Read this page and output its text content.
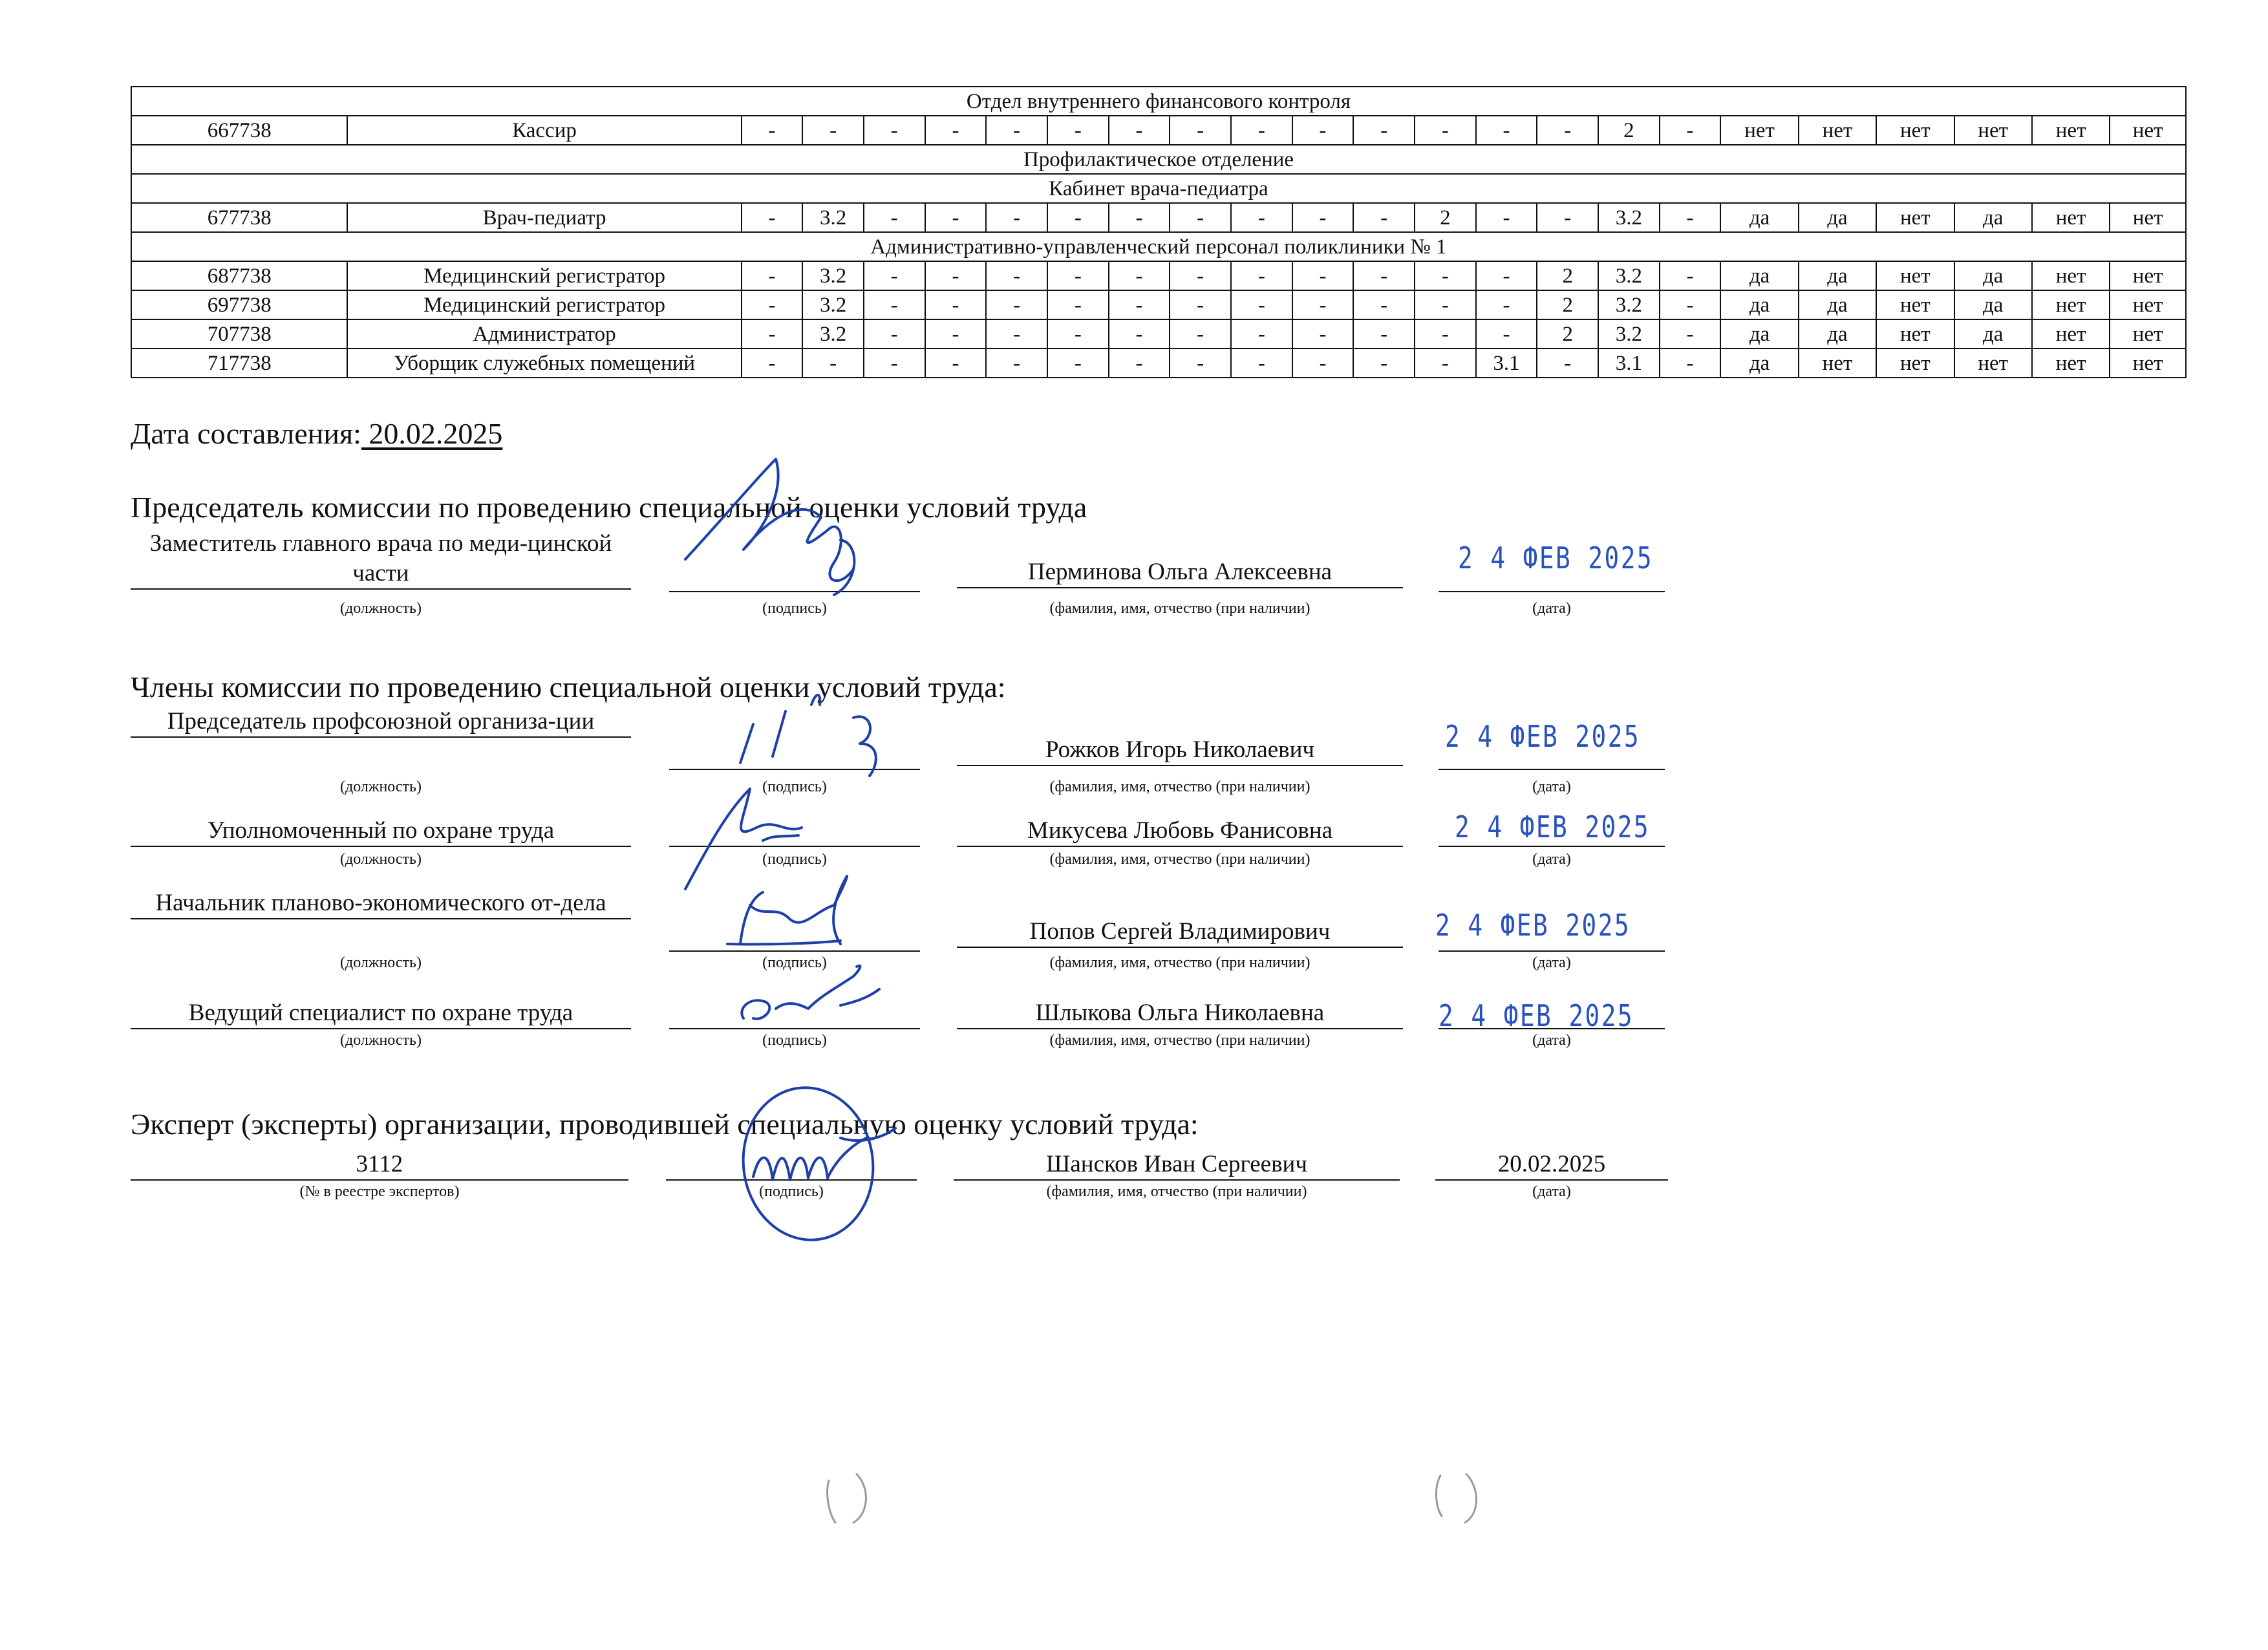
Отдел внутреннего финансового контроля																							
667738	Кассир	-	-	-	-	-	-	-	-	-	-	-	-	-	-	2	-	нет	нет	нет	нет	нет	нет
Профилактическое отделение																							
Кабинет врача-педиатра																							
677738	Врач-педиатр	-	3.2	-	-	-	-	-	-	-	-	-	2	-	-	3.2	-	да	да	нет	да	нет	нет
Административно-управленческий персонал поликлиники № 1																							
687738	Медицинский регистратор	-	3.2	-	-	-	-	-	-	-	-	-	-	-	2	3.2	-	да	да	нет	да	нет	нет
697738	Медицинский регистратор	-	3.2	-	-	-	-	-	-	-	-	-	-	-	2	3.2	-	да	да	нет	да	нет	нет
707738	Администратор	-	3.2	-	-	-	-	-	-	-	-	-	-	-	2	3.2	-	да	да	нет	да	нет	нет
717738	Уборщик служебных помещений	-	-	-	-	-	-	-	-	-	-	-	-	3.1	-	3.1	-	да	нет	нет	нет	нет	нет
Дата составления: 20.02.2025
Председатель комиссии по проведению специальной оценки условий труда
Заместитель главного врача по меди-цинской части	Перминова Ольга Алексеевна	2 4 ФЕВ 2025
(должность)	(подпись)	(фамилия, имя, отчество (при наличии)	(дата)
Члены комиссии по проведению специальной оценки условий труда:
Председатель профсоюзной организа-ции
Рожков Игорь Николаевич	2 4 ФЕВ 2025
(должность)	(подпись)	(фамилия, имя, отчество (при наличии)	(дата)
Уполномоченный по охране труда	Микусева Любовь Фанисовна	2 4 ФЕВ 2025
(должность)	(подпись)	(фамилия, имя, отчество (при наличии)	(дата)
Начальник планово-экономического от-дела
Попов Сергей Владимирович	2 4 ФЕВ 2025
(должность)	(подпись)	(фамилия, имя, отчество (при наличии)	(дата)
Ведущий специалист по охране труда	Шлыкова Ольга Николаевна	2 4 ФЕВ 2025
(должность)	(подпись)	(фамилия, имя, отчество (при наличии)	(дата)
Эксперт (эксперты) организации, проводившей специальную оценку условий труда:
3112	Шансков Иван Сергеевич	20.02.2025
(№ в реестре экспертов)	(подпись)	(фамилия, имя, отчество (при наличии)	(дата)
